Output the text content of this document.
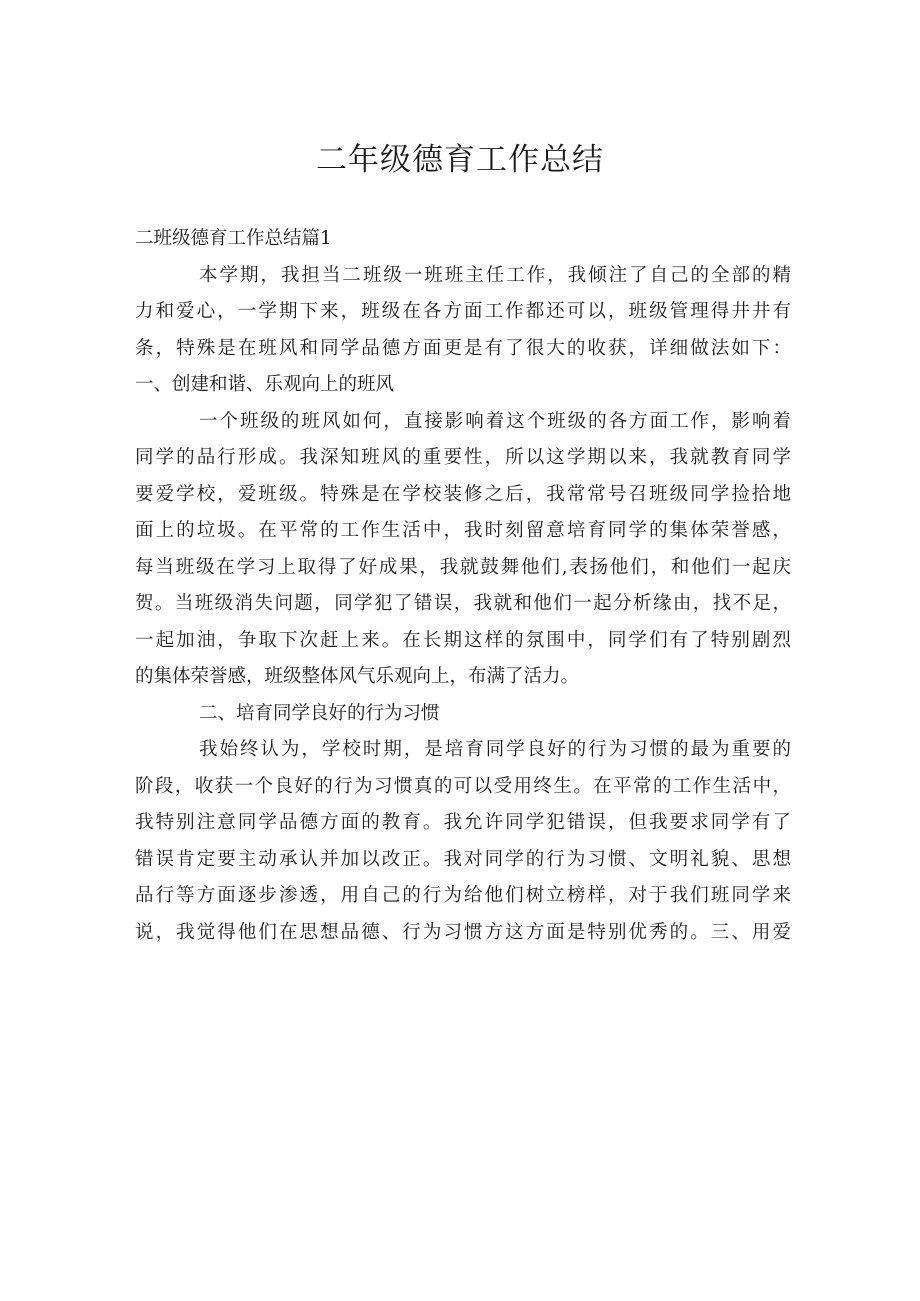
二年级德育工作总结
二班级德育工作总结篇1
本学期，我担当二班级一班班主任工作，我倾注了自己的全部的精
力和爱心，一学期下来，班级在各方面工作都还可以，班级管理得井井有
条，特殊是在班风和同学品德方面更是有了很大的收获，详细做法如下：
一、创建和谐、乐观向上的班风
一个班级的班风如何，直接影响着这个班级的各方面工作，影响着
同学的品行形成。我深知班风的重要性，所以这学期以来，我就教育同学
要爱学校，爱班级。特殊是在学校装修之后，我常常号召班级同学捡拾地
面上的垃圾。在平常的工作生活中，我时刻留意培育同学的集体荣誉感，
每当班级在学习上取得了好成果，我就鼓舞他们,表扬他们，和他们一起庆
贺。当班级消失问题，同学犯了错误，我就和他们一起分析缘由，找不足，
一起加油，争取下次赶上来。在长期这样的氛围中，同学们有了特别剧烈
的集体荣誉感，班级整体风气乐观向上，布满了活力。
二、培育同学良好的行为习惯
我始终认为，学校时期，是培育同学良好的行为习惯的最为重要的
阶段，收获一个良好的行为习惯真的可以受用终生。在平常的工作生活中，
我特别注意同学品德方面的教育。我允许同学犯错误，但我要求同学有了
错误肯定要主动承认并加以改正。我对同学的行为习惯、文明礼貌、思想
品行等方面逐步渗透，用自己的行为给他们树立榜样，对于我们班同学来
说，我觉得他们在思想品德、行为习惯方这方面是特别优秀的。三、用爱
